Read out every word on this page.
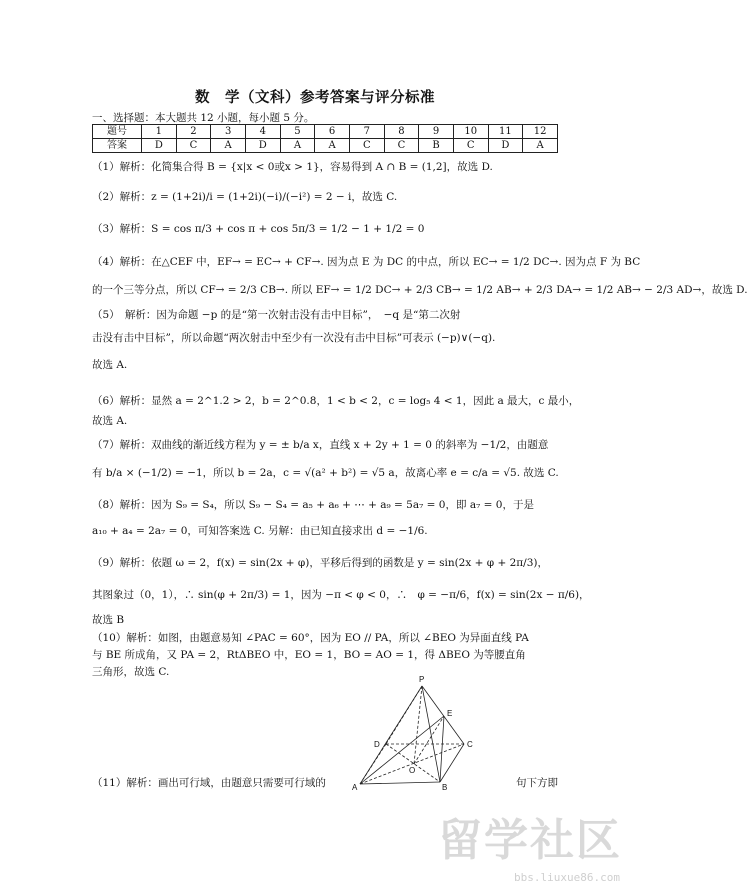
数　学（文科）参考答案与评分标准
一、选择题：本大题共 12 小题，每小题 5 分。
题号	1	2	3	4	5	6	7	8	9	10	11	12
答案	D	C	A	D	A	A	C	C	B	C	D	A
（1）解析：化简集合得 B = {x|x < 0或x > 1}，容易得到 A ∩ B = (1,2]，故选 D.
（2）解析：z = (1+2i)/i = (1+2i)(−i)/(−i²) = 2 − i，故选 C.
（3）解析：S = cos π/3 + cos π + cos 5π/3 = 1/2 − 1 + 1/2 = 0
（4）解析：在△CEF 中，EF→ = EC→ + CF→. 因为点 E 为 DC 的中点，所以 EC→ = 1/2 DC→. 因为点 F 为 BC
的一个三等分点，所以 CF→ = 2/3 CB→. 所以 EF→ = 1/2 DC→ + 2/3 CB→ = 1/2 AB→ + 2/3 DA→ = 1/2 AB→ − 2/3 AD→，故选 D.
（5）　解析：因为命题 −p 的是“第一次射击没有击中目标”，　−q 是“第二次射
击没有击中目标”，所以命题“两次射击中至少有一次没有击中目标”可表示 (−p)∨(−q).
故选 A.
（6）解析：显然 a = 2^1.2 > 2，b = 2^0.8，1 < b < 2，c = log₅ 4 < 1，因此 a 最大，c 最小，
故选 A.
（7）解析：双曲线的渐近线方程为 y = ± b/a x，直线 x + 2y + 1 = 0 的斜率为 −1/2，由题意
有 b/a × (−1/2) = −1，所以 b = 2a，c = √(a² + b²) = √5 a，故离心率 e = c/a = √5. 故选 C.
（8）解析：因为 S₉ = S₄，所以 S₉ − S₄ = a₅ + a₆ + ⋯ + a₉ = 5a₇ = 0，即 a₇ = 0，于是
a₁₀ + a₄ = 2a₇ = 0，可知答案选 C. 另解：由已知直接求出 d = −1/6.
（9）解析：依题 ω = 2，f(x) = sin(2x + φ)，平移后得到的函数是 y = sin(2x + φ + 2π/3)，
其图象过（0，1），∴ sin(φ + 2π/3) = 1，因为 −π < φ < 0，∴　φ = −π/6，f(x) = sin(2x − π/6)，
故选 B
（10）解析：如图，由题意易知 ∠PAC = 60°，因为 EO // PA，所以 ∠BEO 为异面直线 PA
与 BE 所成角，又 PA = 2，RtΔBEO 中，EO = 1，BO = AO = 1，得 ΔBEO 为等腰直角
三角形，故选 C.
P
E
C
D
O
A	B
（11）解析：画出可行域，由题意只需要可行域的	句下方即
留学社区
bbs.liuxue86.com
